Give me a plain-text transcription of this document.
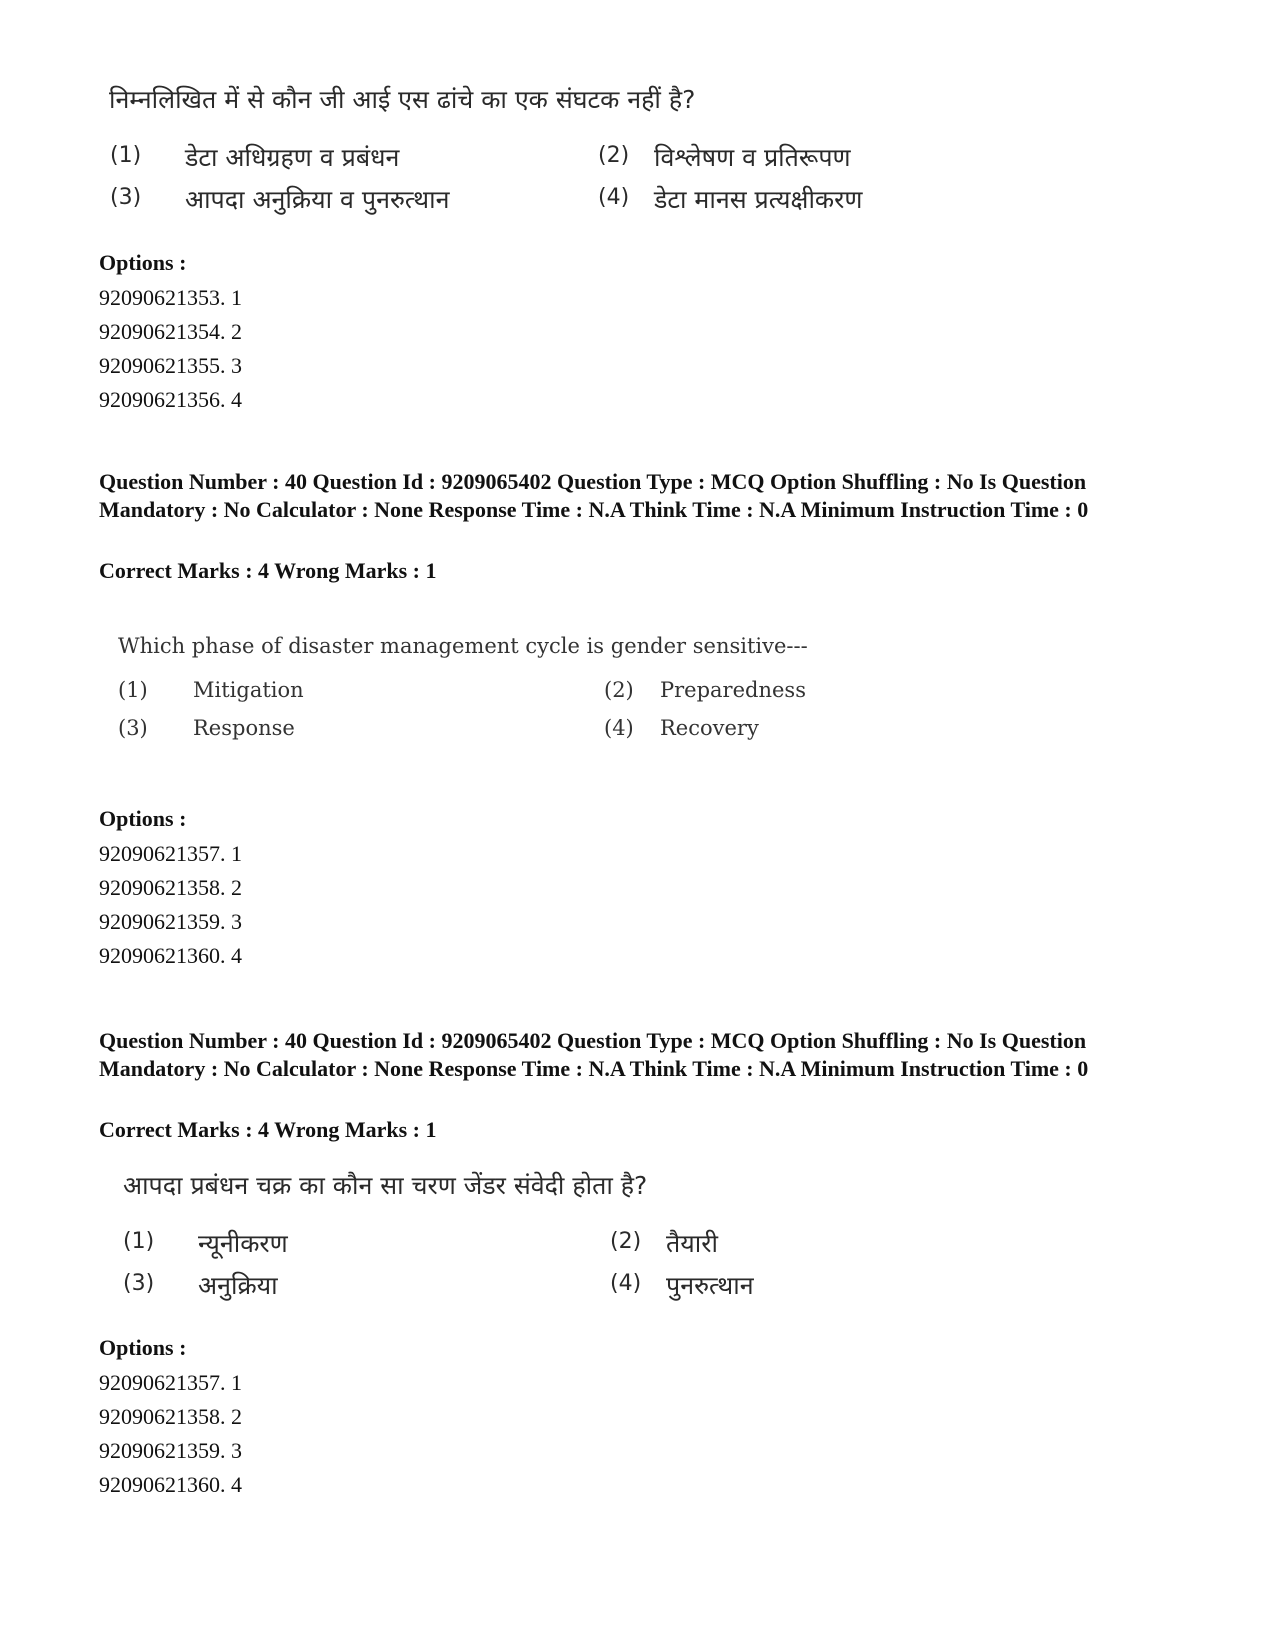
निम्नलिखित में से कौन जी आई एस ढांचे का एक संघटक नहीं है?
(1) डेटा अधिग्रहण व प्रबंधन	(2) विश्लेषण व प्रतिरूपण
(3) आपदा अनुक्रिया व पुनरुत्थान	(4) डेटा मानस प्रत्यक्षीकरण
Options :
92090621353. 1
92090621354. 2
92090621355. 3
92090621356. 4
Question Number : 40 Question Id : 9209065402 Question Type : MCQ Option Shuffling : No Is Question Mandatory : No Calculator : None Response Time : N.A Think Time : N.A Minimum Instruction Time : 0
Correct Marks : 4 Wrong Marks : 1
Which phase of disaster management cycle is gender sensitive---
(1) Mitigation	(2) Preparedness
(3) Response	(4) Recovery
Options :
92090621357. 1
92090621358. 2
92090621359. 3
92090621360. 4
Question Number : 40 Question Id : 9209065402 Question Type : MCQ Option Shuffling : No Is Question Mandatory : No Calculator : None Response Time : N.A Think Time : N.A Minimum Instruction Time : 0
Correct Marks : 4 Wrong Marks : 1
आपदा प्रबंधन चक्र का कौन सा चरण जेंडर संवेदी होता है?
(1) न्यूनीकरण	(2) तैयारी
(3) अनुक्रिया	(4) पुनरुत्थान
Options :
92090621357. 1
92090621358. 2
92090621359. 3
92090621360. 4
